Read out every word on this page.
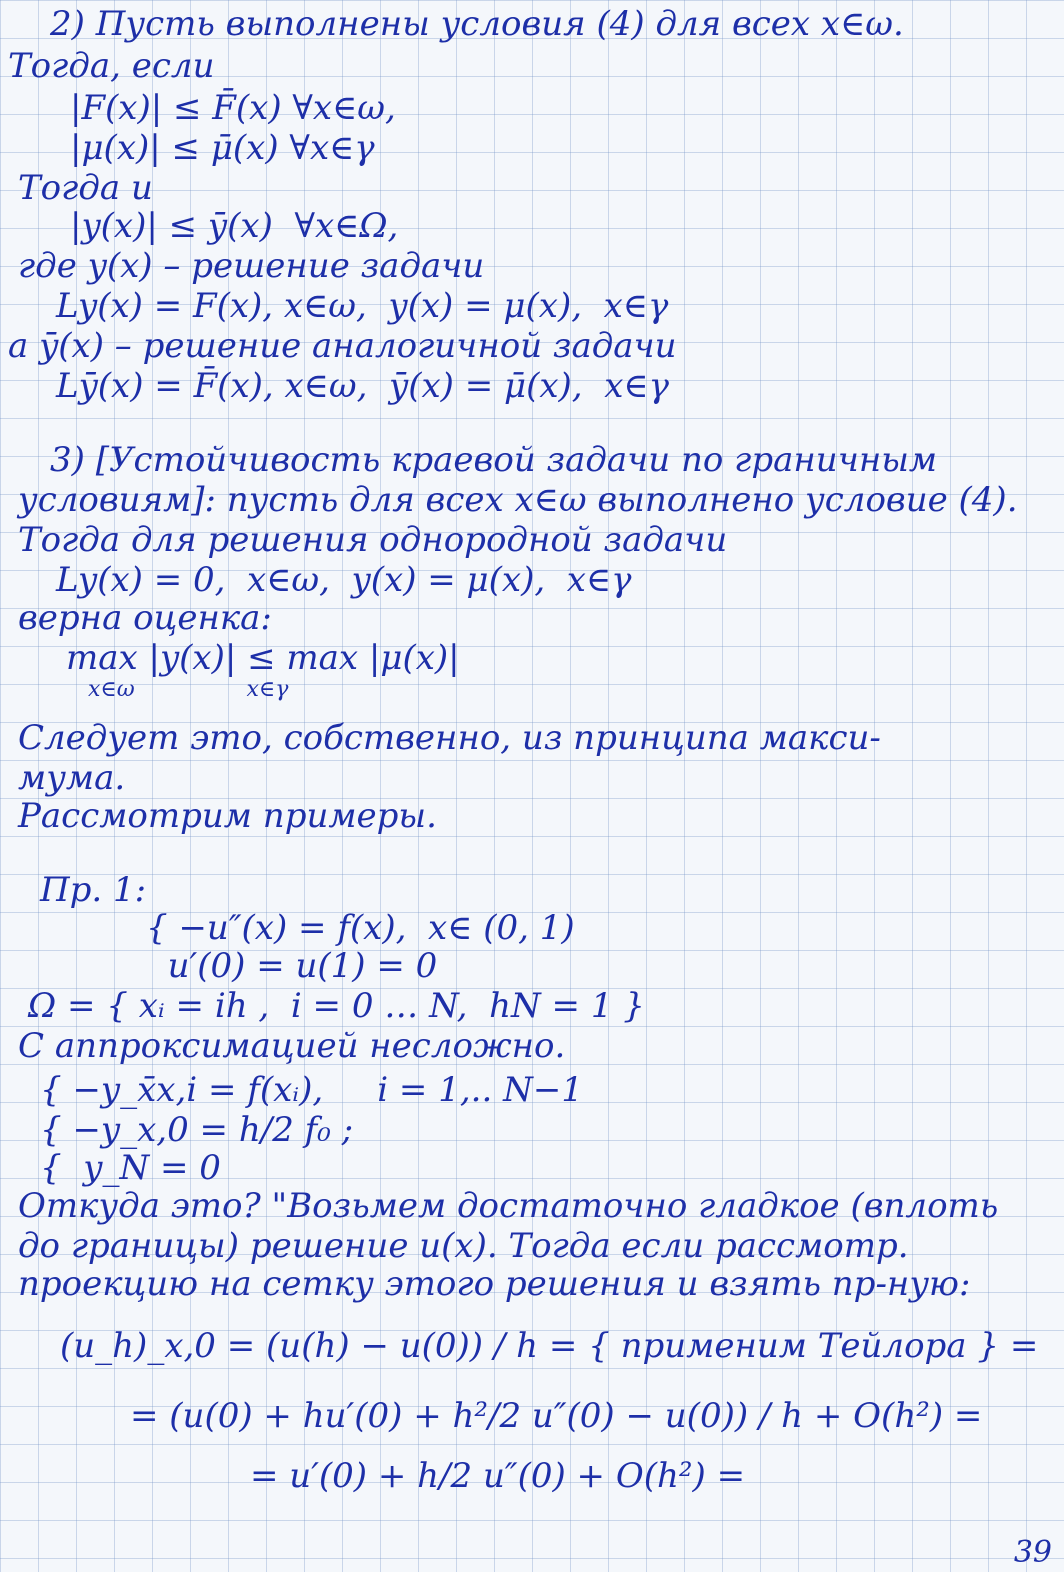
2) Пусть выполнены условия (4) для всех x∈ω.
Тогда, если
|F(x)| ≤ F̄(x) ∀x∈ω,
|μ(x)| ≤ μ̄(x) ∀x∈γ
Тогда и
|y(x)| ≤ ȳ(x)  ∀x∈Ω,
где y(x) – решение задачи
Ly(x) = F(x), x∈ω,  y(x) = μ(x),  x∈γ
а ȳ(x) – решение аналогичной задачи
Lȳ(x) = F̄(x), x∈ω,  ȳ(x) = μ̄(x),  x∈γ
3) [Устойчивость краевой задачи по граничным
условиям]: пусть для всех x∈ω выполнено условие (4).
Тогда для решения однородной задачи
Ly(x) = 0,  x∈ω,  y(x) = μ(x),  x∈γ
верна оценка:
max |y(x)| ≤ max |μ(x)|
x∈ω                x∈γ
Следует это, собственно, из принципа макси-
мума.
Рассмотрим примеры.
Пр. 1:
{ −u″(x) = f(x),  x∈ (0, 1)
u′(0) = u(1) = 0
Ω = { xᵢ = ih ,  i = 0 … N,  hN = 1 }
С аппроксимацией несложно.
{ −y_x̄x,i = f(xᵢ),     i = 1,.. N−1
{ −y_x,0 = h/2 f₀ ;
{  y_N = 0
Откуда это? "Возьмем достаточно гладкое (вплоть
до границы) решение u(x). Тогда если рассмотр.
проекцию на сетку этого решения и взять пр-ную:
(u_h)_x,0 = (u(h) − u(0)) / h = { применим Тейлора } =
= (u(0) + hu′(0) + h²/2 u″(0) − u(0)) / h + O(h²) =
= u′(0) + h/2 u″(0) + O(h²) =
39
